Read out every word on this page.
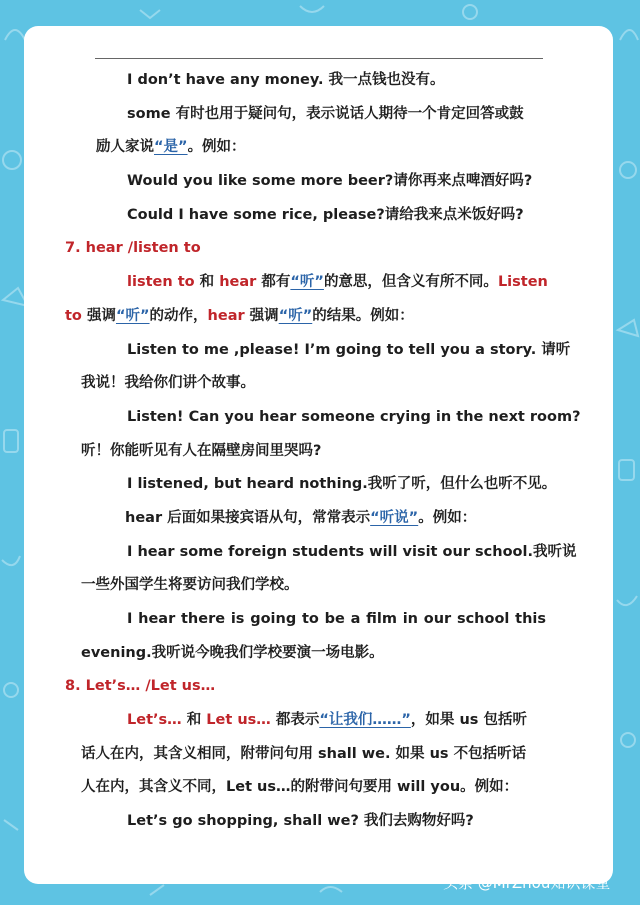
I don’t have any money. 我一点钱也没有。
some 有时也用于疑问句，表示说话人期待一个肯定回答或鼓
励人家说“是”。例如：
Would you like some more beer?请你再来点啤酒好吗?
Could I have some rice, please?请给我来点米饭好吗?
7. hear /listen to
listen to 和 hear 都有“听”的意思，但含义有所不同。Listen
to 强调“听”的动作，hear 强调“听”的结果。例如：
Listen to me ,please! I’m going to tell you a story. 请听
我说！我给你们讲个故事。
Listen! Can you hear someone crying in the next room?
听！你能听见有人在隔壁房间里哭吗?
I listened, but heard nothing.我听了听，但什么也听不见。
hear 后面如果接宾语从句，常常表示“听说”。例如：
I hear some foreign students will visit our school.我听说
一些外国学生将要访问我们学校。
I hear there is going to be a film in our school this
evening.我听说今晚我们学校要演一场电影。
8. Let’s… /Let us…
Let’s… 和 Let us… 都表示“让我们……”，如果 us 包括听
话人在内，其含义相同，附带问句用 shall we. 如果 us 不包括听话
人在内，其含义不同，Let us…的附带问句要用 will you。例如：
Let’s go shopping, shall we? 我们去购物好吗?
头条 @MrZhou知识课堂
